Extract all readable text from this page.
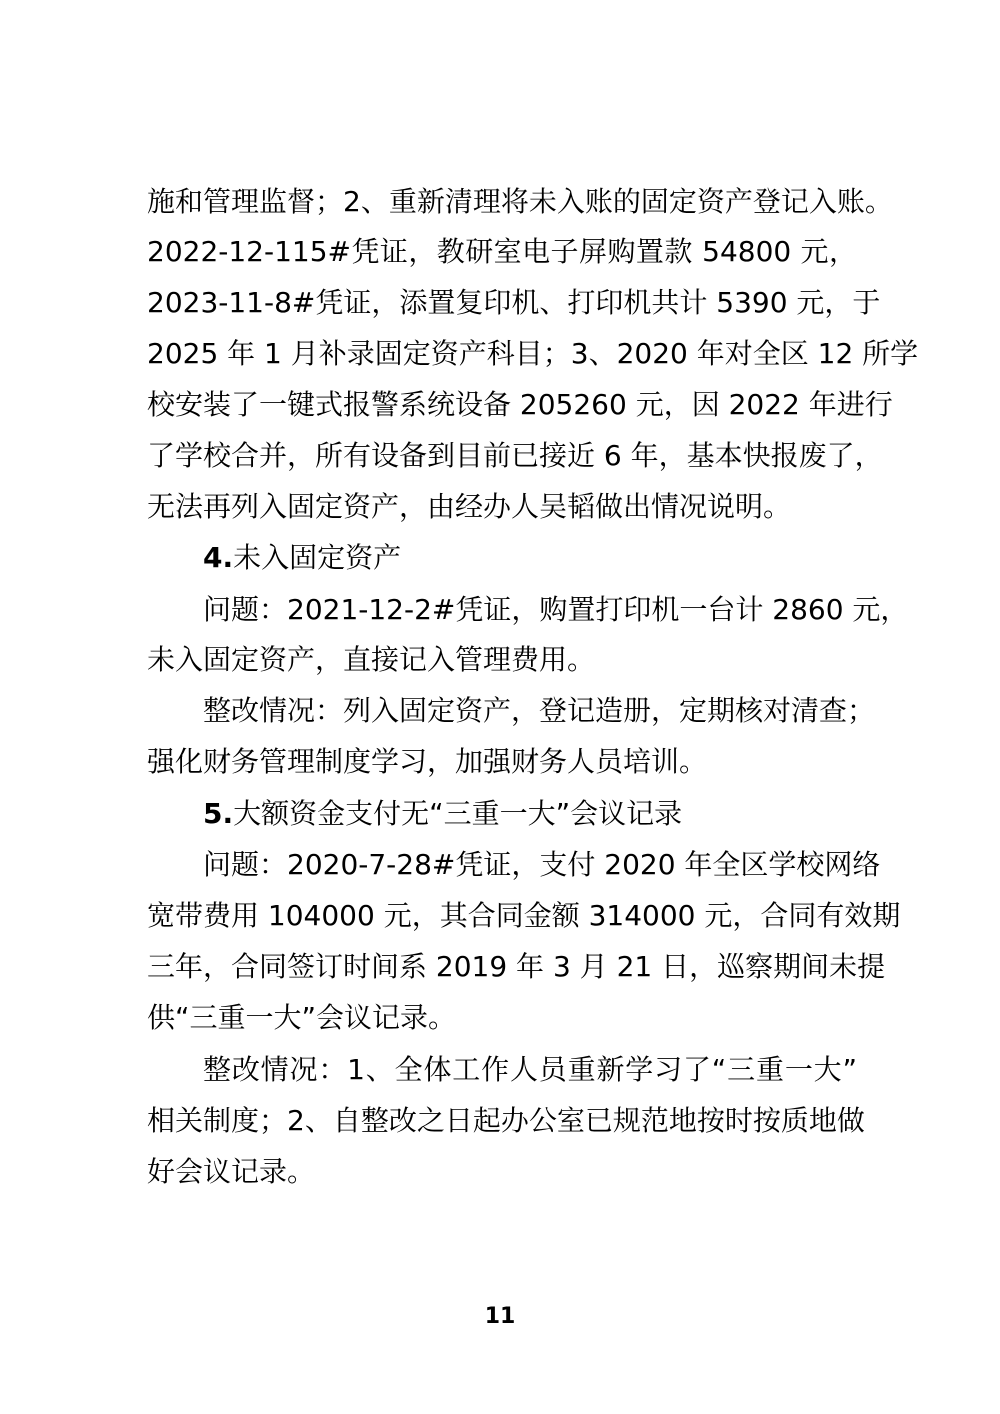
施和管理监督；2、重新清理将未入账的固定资产登记入账。
2022-12-115#凭证，教研室电子屏购置款 54800 元，
2023-11-8#凭证，添置复印机、打印机共计 5390 元，于
2025 年 1 月补录固定资产科目；3、2020 年对全区 12 所学
校安装了一键式报警系统设备 205260 元，因 2022 年进行
了学校合并，所有设备到目前已接近 6 年，基本快报废了，
无法再列入固定资产，由经办人吴韬做出情况说明。
4.未入固定资产
问题：2021-12-2#凭证，购置打印机一台计 2860 元，
未入固定资产，直接记入管理费用。
整改情况：列入固定资产，登记造册，定期核对清查；
强化财务管理制度学习，加强财务人员培训。
5.大额资金支付无“三重一大”会议记录
问题：2020-7-28#凭证，支付 2020 年全区学校网络
宽带费用 104000 元，其合同金额 314000 元，合同有效期
三年，合同签订时间系 2019 年 3 月 21 日，巡察期间未提
供“三重一大”会议记录。
整改情况：1、全体工作人员重新学习了“三重一大”
相关制度；2、自整改之日起办公室已规范地按时按质地做
好会议记录。
11
